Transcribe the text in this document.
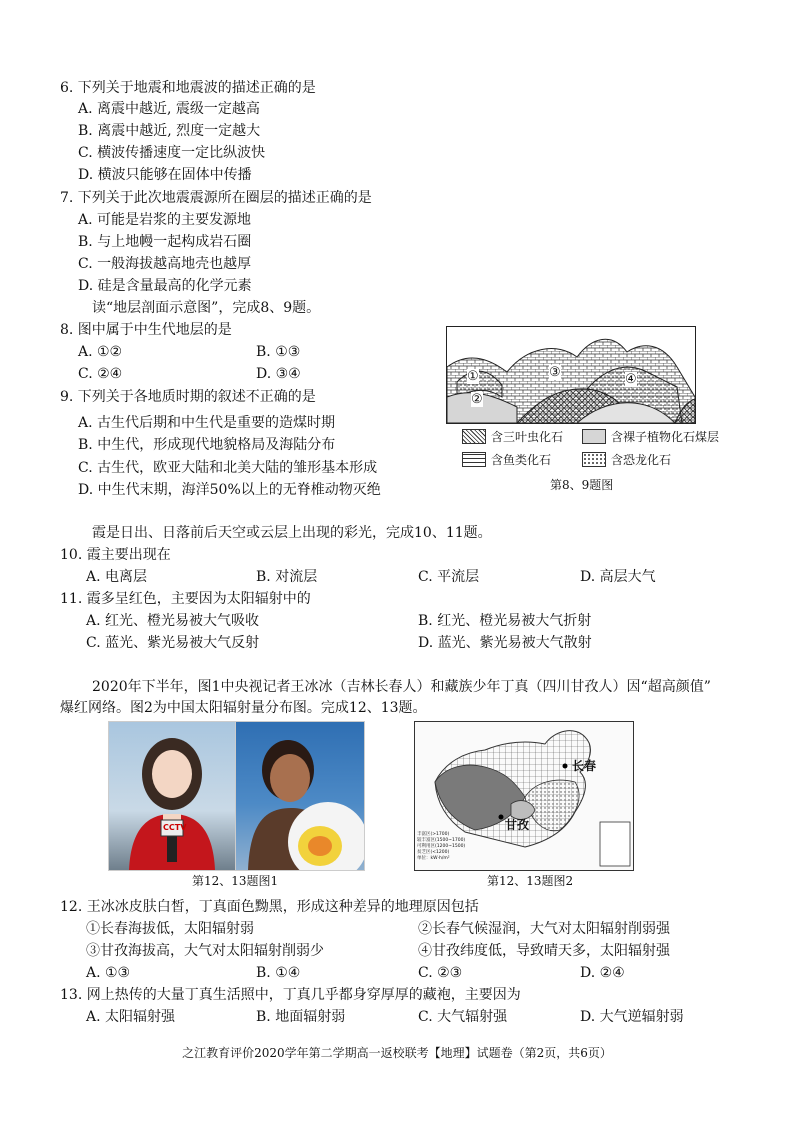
6. 下列关于地震和地震波的描述正确的是
A. 离震中越近, 震级一定越高
B. 离震中越近, 烈度一定越大
C. 横波传播速度一定比纵波快
D. 横波只能够在固体中传播
7. 下列关于此次地震震源所在圈层的描述正确的是
A. 可能是岩浆的主要发源地
B. 与上地幔一起构成岩石圈
C. 一般海拔越高地壳也越厚
D. 硅是含量最高的化学元素
读“地层剖面示意图”，完成8、9题。
8. 图中属于中生代地层的是
A. ①②	B. ①③
C. ②④	D. ③④
9. 下列关于各地质时期的叙述不正确的是
A. 古生代后期和中生代是重要的造煤时期
B. 中生代，形成现代地貌格局及海陆分布
C. 古生代，欧亚大陆和北美大陆的雏形基本形成
D. 中生代末期，海洋50%以上的无脊椎动物灭绝
①
②
③	④
含三叶虫化石	含裸子植物化石煤层
含鱼类化石	含恐龙化石
第8、9题图
霞是日出、日落前后天空或云层上出现的彩光，完成10、11题。
10. 霞主要出现在
A. 电离层	B. 对流层	C. 平流层	D. 高层大气
11. 霞多呈红色，主要因为太阳辐射中的
A. 红光、橙光易被大气吸收	B. 红光、橙光易被大气折射
C. 蓝光、紫光易被大气反射	D. 蓝光、紫光易被大气散射
2020年下半年，图1中央视记者王冰冰（吉林长春人）和藏族少年丁真（四川甘孜人）因“超高颜值”
爆红网络。图2为中国太阳辐射量分布图。完成12、13题。
CCTV
长春
甘孜
丰富区(>1700)
较丰富区(1500~1700)
可利用区(1200~1500)
贫乏区(<1200)
单位：kW·h/m²
第12、13题图1	第12、13题图2
12. 王冰冰皮肤白皙，丁真面色黝黑，形成这种差异的地理原因包括
①长春海拔低，太阳辐射弱	②长春气候湿润，大气对太阳辐射削弱强
③甘孜海拔高，大气对太阳辐射削弱少	④甘孜纬度低，导致晴天多，太阳辐射强
A. ①③	B. ①④	C. ②③	D. ②④
13. 网上热传的大量丁真生活照中，丁真几乎都身穿厚厚的藏袍，主要因为
A. 太阳辐射强	B. 地面辐射弱	C. 大气辐射强	D. 大气逆辐射弱
之江教育评价2020学年第二学期高一返校联考【地理】试题卷（第2页，共6页）
